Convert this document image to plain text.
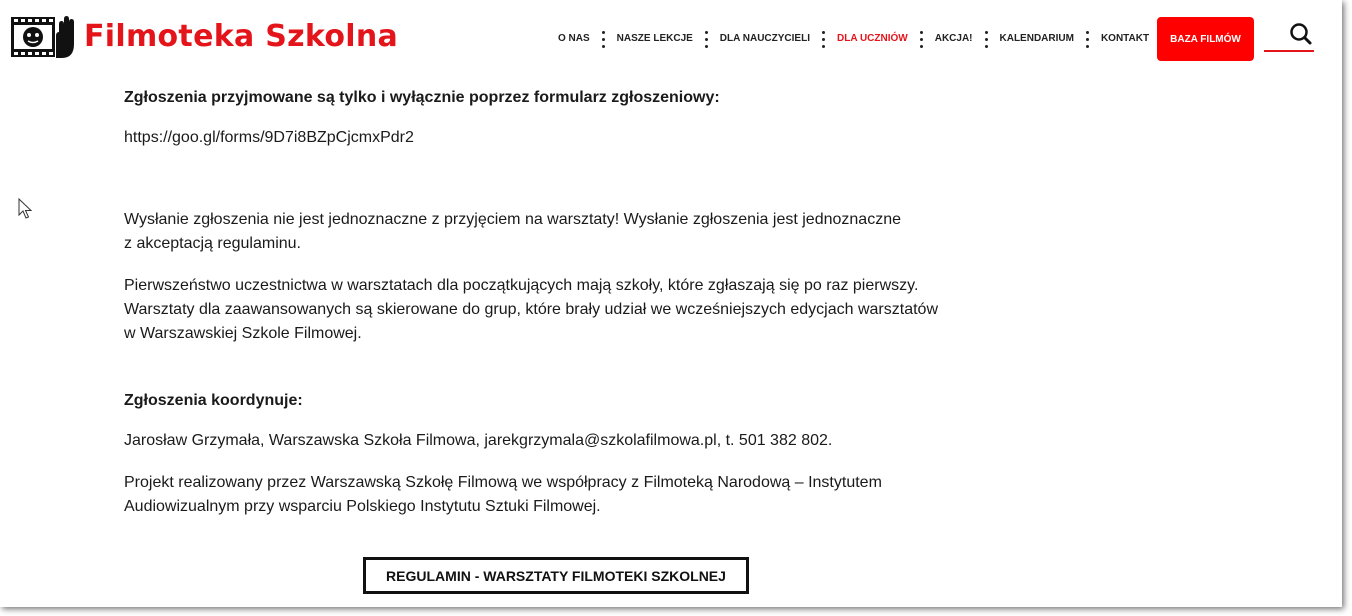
Filmoteka Szkolna	O NAS	NASZE LEKCJE	DLA NAUCZYCIELI	DLA UCZNIÓW	AKCJA!	KALENDARIUM	KONTAKT	BAZA FILMÓW

Zgłoszenia przyjmowane są tylko i wyłącznie poprzez formularz zgłoszeniowy:

https://goo.gl/forms/9D7i8BZpCjcmxPdr2

Wysłanie zgłoszenia nie jest jednoznaczne z przyjęciem na warsztaty! Wysłanie zgłoszenia jest jednoznaczne

z akceptacją regulaminu.

Pierwszeństwo uczestnictwa w warsztatach dla początkujących mają szkoły, które zgłaszają się po raz pierwszy.

Warsztaty dla zaawansowanych są skierowane do grup, które brały udział we wcześniejszych edycjach warsztatów

w Warszawskiej Szkole Filmowej.

Zgłoszenia koordynuje:

Jarosław Grzymała, Warszawska Szkoła Filmowa, jarekgrzymala@szkolafilmowa.pl, t. 501 382 802.

Projekt realizowany przez Warszawską Szkołę Filmową we współpracy z Filmoteką Narodową – Instytutem

Audiowizualnym przy wsparciu Polskiego Instytutu Sztuki Filmowej.

REGULAMIN - WARSZTATY FILMOTEKI SZKOLNEJ
